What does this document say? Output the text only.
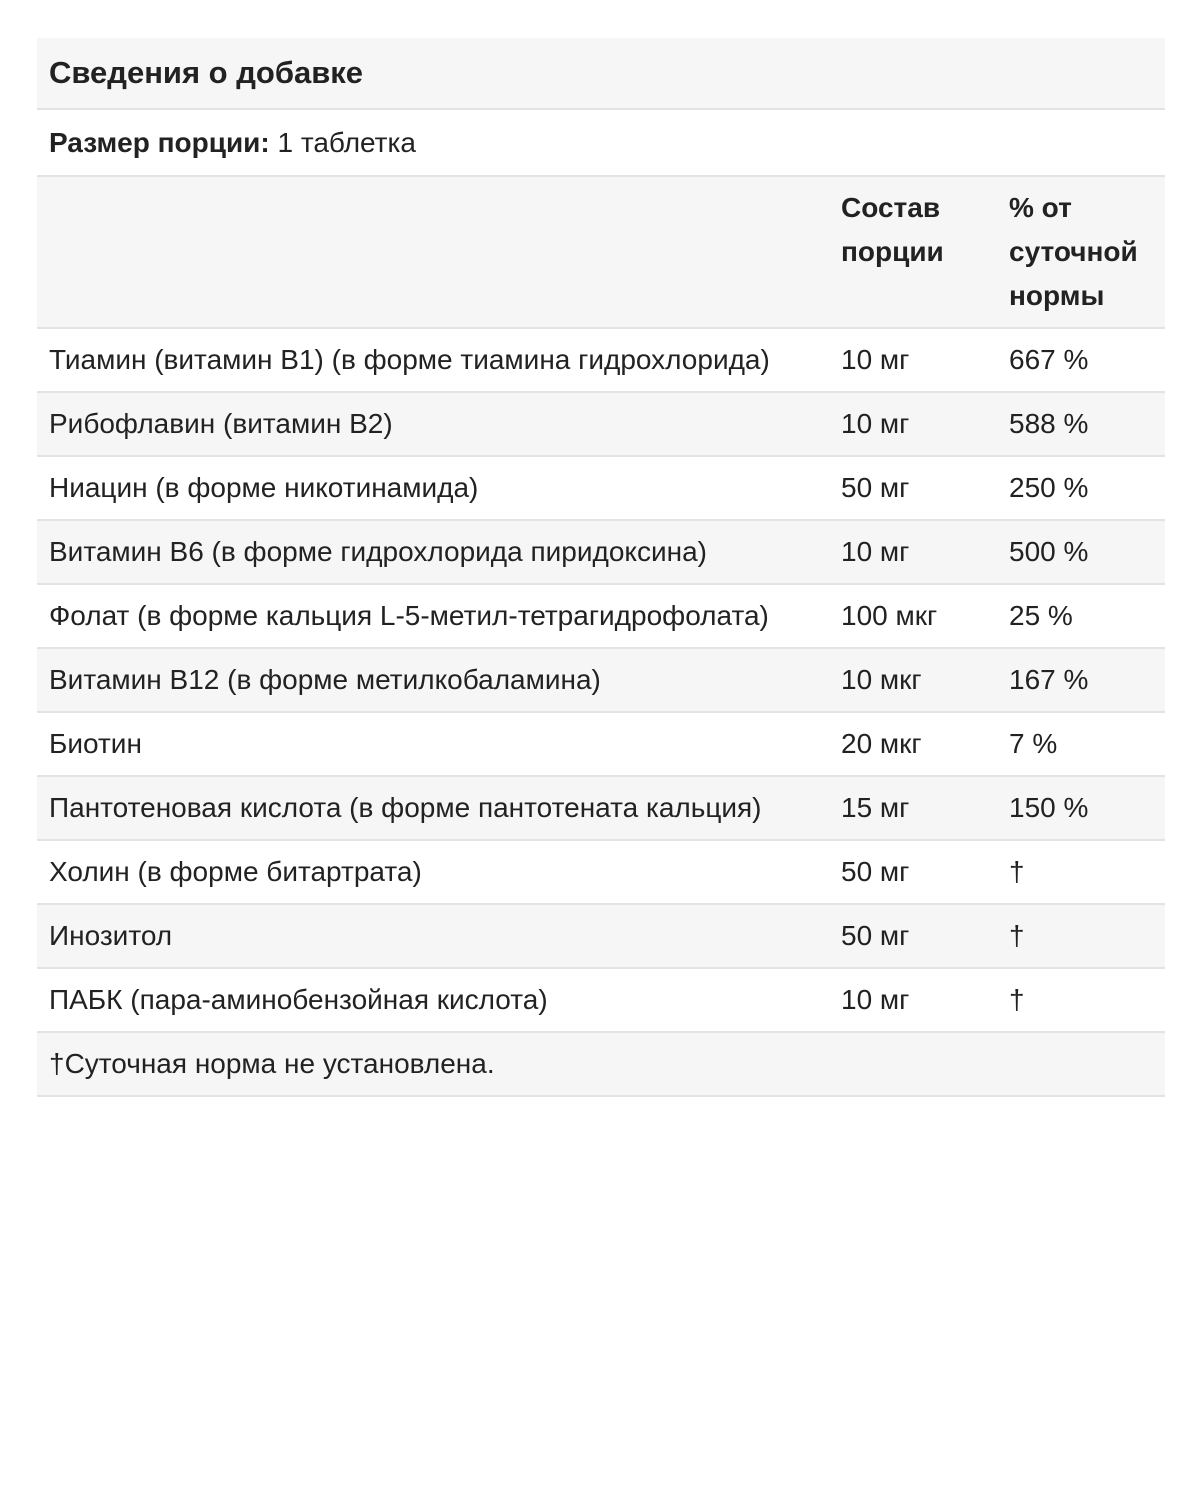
Сведения о добавке
Размер порции:
1 таблетка
	Состав порции	% от суточной нормы
Тиамин (витамин B1) (в форме тиамина гидрохлорида)	10 мг	667 %
Рибофлавин (витамин B2)	10 мг	588 %
Ниацин (в форме никотинамида)	50 мг	250 %
Витамин B6 (в форме гидрохлорида пиридоксина)	10 мг	500 %
Фолат (в форме кальция L-5-метил-тетрагидрофолата)	100 мкг	25 %
Витамин B12 (в форме метилкобаламина)	10 мкг	167 %
Биотин	20 мкг	7 %
Пантотеновая кислота (в форме пантотената кальция)	15 мг	150 %
Холин (в форме битартрата)	50 мг	†
Инозитол	50 мг	†
ПАБК (пара-аминобензойная кислота)	10 мг	†
†Суточная норма не установлена.		
